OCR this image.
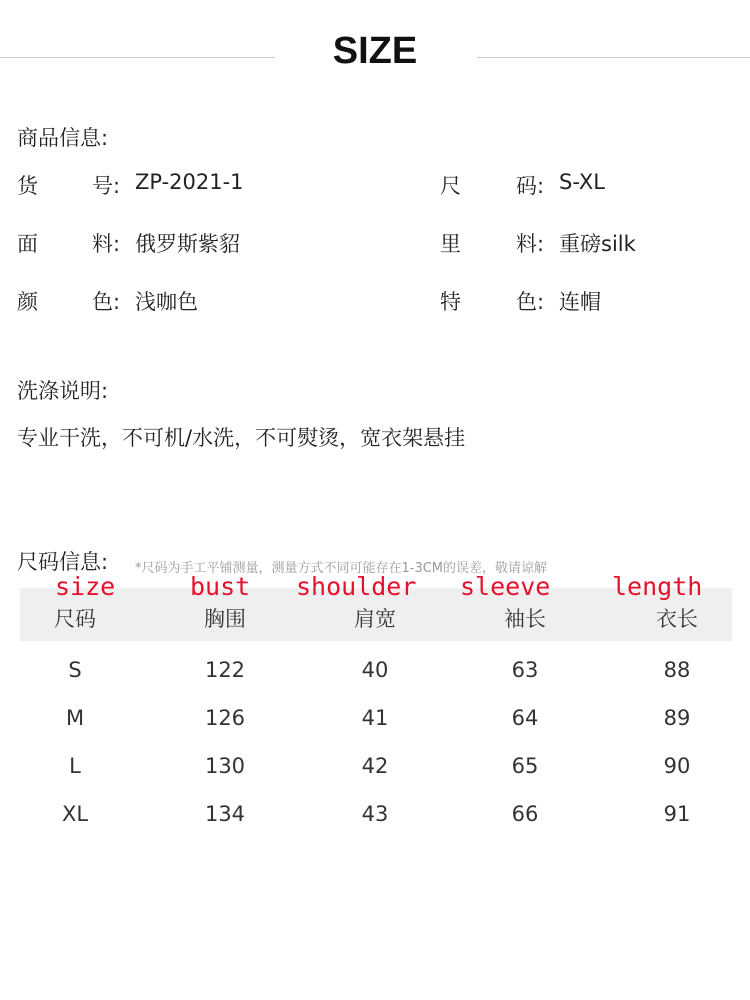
SIZE
商品信息:
货	号: ZP-2021-1	尺	码: S-XL
面	料: 俄罗斯紫貂	里	料: 重磅silk
颜	色: 浅咖色	特	色: 连帽
洗涤说明:
专业干洗，不可机/水洗，不可熨烫，宽衣架悬挂
尺码信息: *尺码为手工平铺测量，测量方式不同可能存在1-3CM的误差，敬请谅解
size	bust shoulder sleeve length
尺码	胸围	肩宽	袖长	衣长
S	122	40	63	88
M	126	41	64	89
L	130	42	65	90
XL	134	43	66	91
